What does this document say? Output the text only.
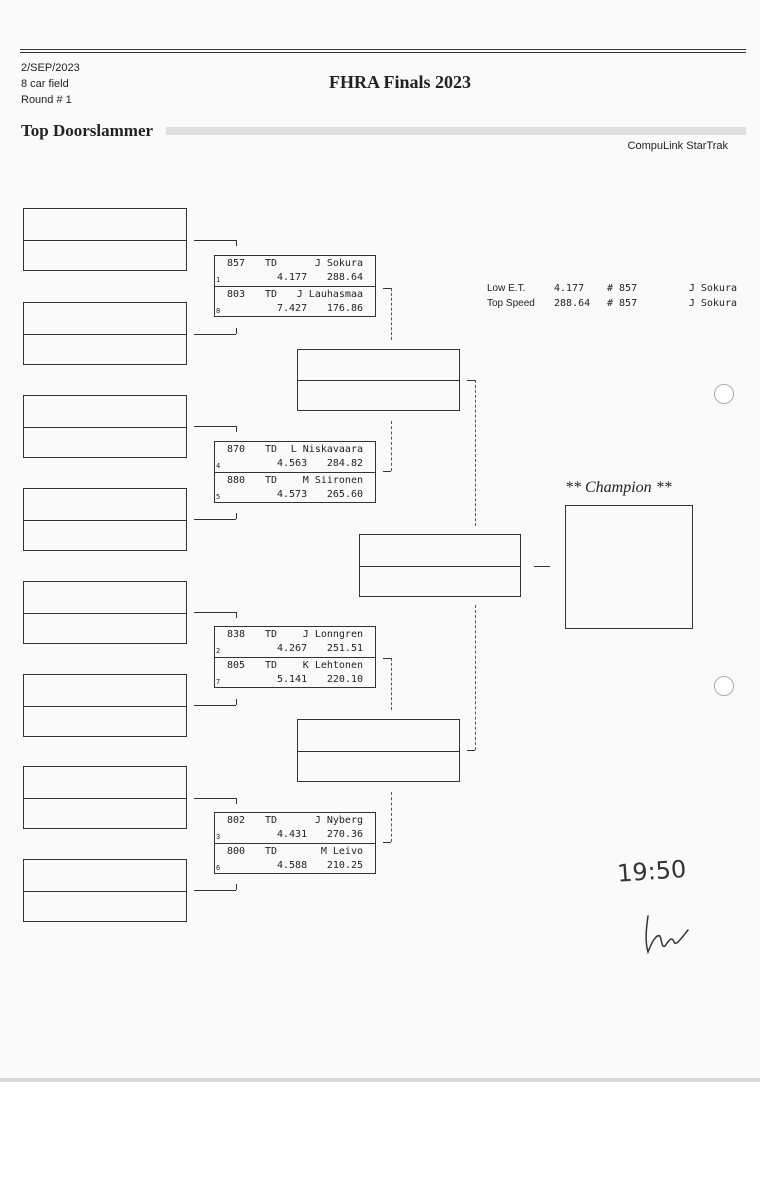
2/SEP/2023
8 car field
Round # 1
FHRA Finals 2023
Top Doorslammer
CompuLink StarTrak
857 TD	J Sokura
4.177 288.64
1
803 TD J Lauhasmaa
7.427 176.86
8
870 TD L Niskavaara
4.563 284.82
4
880 TD	M Siironen
4.573 265.60
5
838 TD	J Lonngren
4.267 251.51
2
805 TD	K Lehtonen
5.141 220.10
7
802 TD	J Nyberg
4.431 270.36
3
800 TD	M Leivo
4.588 210.25
6
Low E.T.	4.177 # 857	J Sokura
Top Speed 288.64 # 857	J Sokura
** Champion **
19:50
